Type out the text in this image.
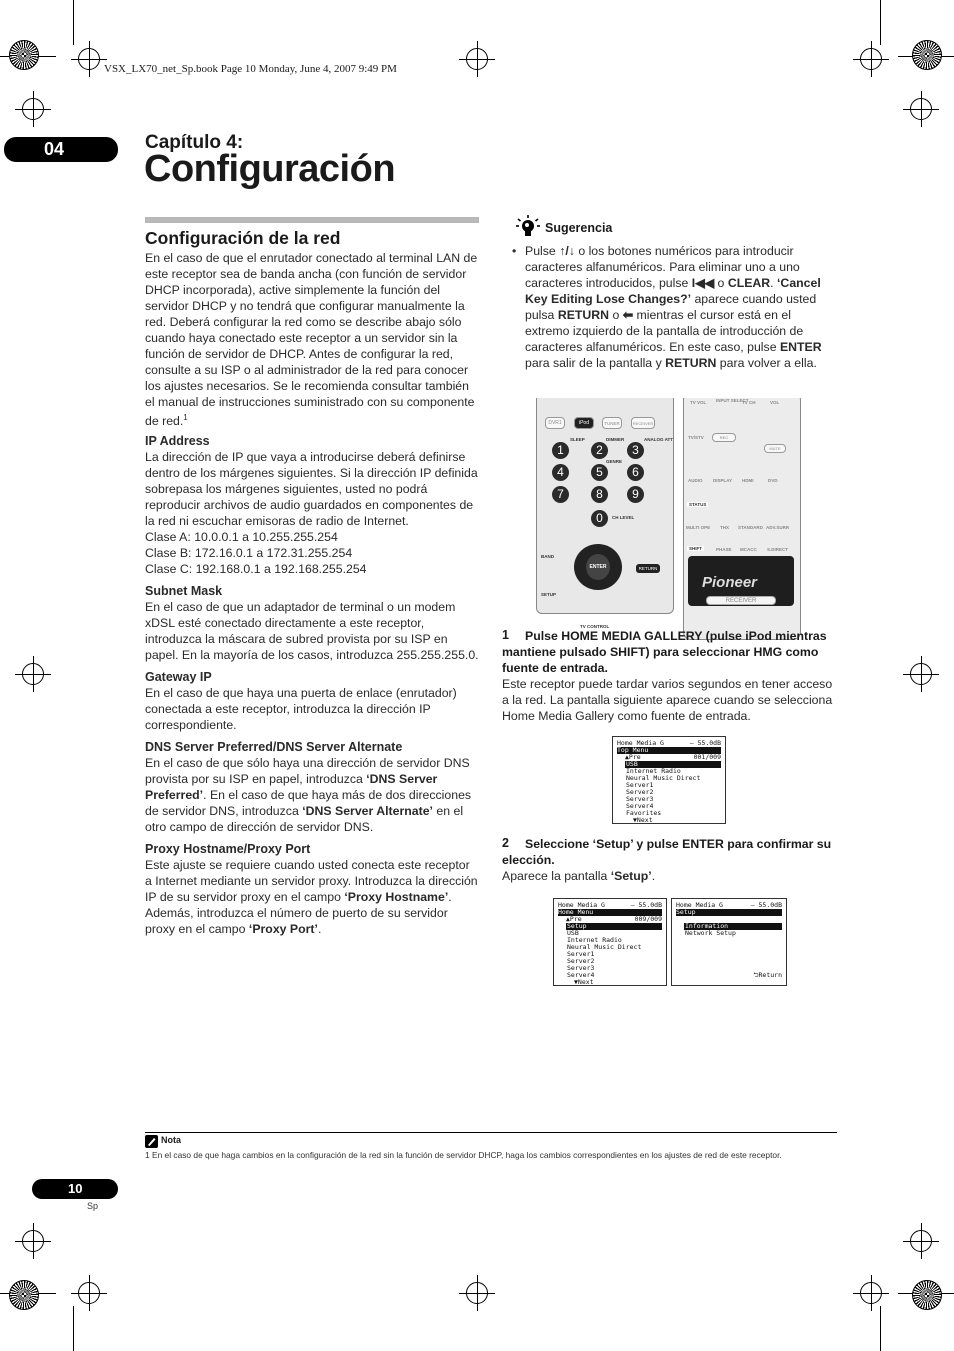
VSX_LX70_net_Sp.book Page 10 Monday, June 4, 2007 9:49 PM
04	Capítulo 4:
Configuración
Configuración de la red

En el caso de que el enrutador conectado al terminal LAN de este receptor sea de banda ancha (con función de servidor DHCP incorporada), active simplemente la función del servidor DHCP y no tendrá que configurar manualmente la red. Deberá configurar la red como se describe abajo sólo cuando haya conectado este receptor a un servidor sin la función de servidor de DHCP. Antes de configurar la red, consulte a su ISP o al administrador de la red para conocer los ajustes necesarios. Se le recomienda consultar también el manual de instrucciones suministrado con su componente de red.$^1$

IP Address

La dirección de IP que vaya a introducirse deberá definirse dentro de los márgenes siguientes. Si la dirección IP definida sobrepasa los márgenes siguientes, usted no podrá reproducir archivos de audio guardados en componentes de la red ni escuchar emisoras de radio de Internet.

Clase A: 10.0.0.1 a 10.255.255.254

Clase B: 172.16.0.1 a 172.31.255.254

Clase C: 192.168.0.1 a 192.168.255.254

Subnet Mask

En el caso de que un adaptador de terminal o un modem xDSL esté conectado directamente a este receptor, introduzca la máscara de subred provista por su ISP en papel. En la mayoría de los casos, introduzca 255.255.255.0.

Gateway IP

En el caso de que haya una puerta de enlace (enrutador) conectada a este receptor, introduzca la dirección IP correspondiente.

DNS Server Preferred/DNS Server Alternate

En el caso de que sólo haya una dirección de servidor DNS provista por su ISP en papel, introduzca ‘DNS Server Preferred’. En el caso de que haya más de dos direcciones de servidor DNS, introduzca ‘DNS Server Alternate’ en el otro campo de dirección de servidor DNS.

Proxy Hostname/Proxy Port

Este ajuste se requiere cuando usted conecta este receptor a Internet mediante un servidor proxy. Introduzca la dirección IP de su servidor proxy en el campo ‘Proxy Hostname’. Además, introduzca el número de puerto de su servidor proxy en el campo ‘Proxy Port’.

Sugerencia
• Pulse ↑/↓ o los botones numéricos para introducir caracteres alfanuméricos. Para eliminar uno a uno caracteres introducidos, pulse I◀◀ o CLEAR. ‘Cancel Key Editing Lose Changes?’ aparece cuando usted pulsa RETURN o ⬅ mientras el cursor está en el extremo izquierdo de la pantalla de introducción de caracteres alfanuméricos. En este caso, pulse ENTER para salir de la pantalla y RETURN para volver a ella.
DVR1	iPod	TUNER	RECEIVER
SLEEP	DIMMER	ANALOG ATT
GENRE
CH LEVEL
BAND
SETUP
TV CONTROL
1	2	3
4	5	6
7	8	9
0
ENTER	RETURN
TV VOL INPUT SELECT
TV CH	VOL
TV/STV	REC
MUTE
AUDIO DISPLAY HDMI	DVD
STATUS
MULTI OPE THX STANDARD ADV.SURR
SHIFT	PHASE MCACC S.DIRECT
Pioneer
RECEIVER
1	Pulse HOME MEDIA GALLERY (pulse iPod mientras mantiene pulsado SHIFT) para seleccionar HMG como fuente de entrada.
Este receptor puede tardar varios segundos en tener acceso a la red. La pantalla siguiente aparece cuando se selecciona Home Media Gallery como fuente de entrada.
Home Media G	– 55.0dB
Top Menu
▲Pre	001/009
USB
Internet Radio
Neural Music Direct
Server1
Server2
Server3
Server4
Favorites
▼Next
2	Seleccione ‘Setup’ y pulse ENTER para confirmar su elección.
Aparece la pantalla ‘Setup’.
Home Media G	– 55.0dB
Home Menu
▲Pre	009/009
Setup
USB
Internet Radio
Neural Music Direct
Server1
Server2
Server3
Server4
▼Next
Home Media G	– 55.0dB
Setup
Information
Network Setup
⮌Return
Nota
1 En el caso de que haga cambios en la configuración de la red sin la función de servidor DHCP, haga los cambios correspondientes en los ajustes de red de este receptor.
10
Sp
